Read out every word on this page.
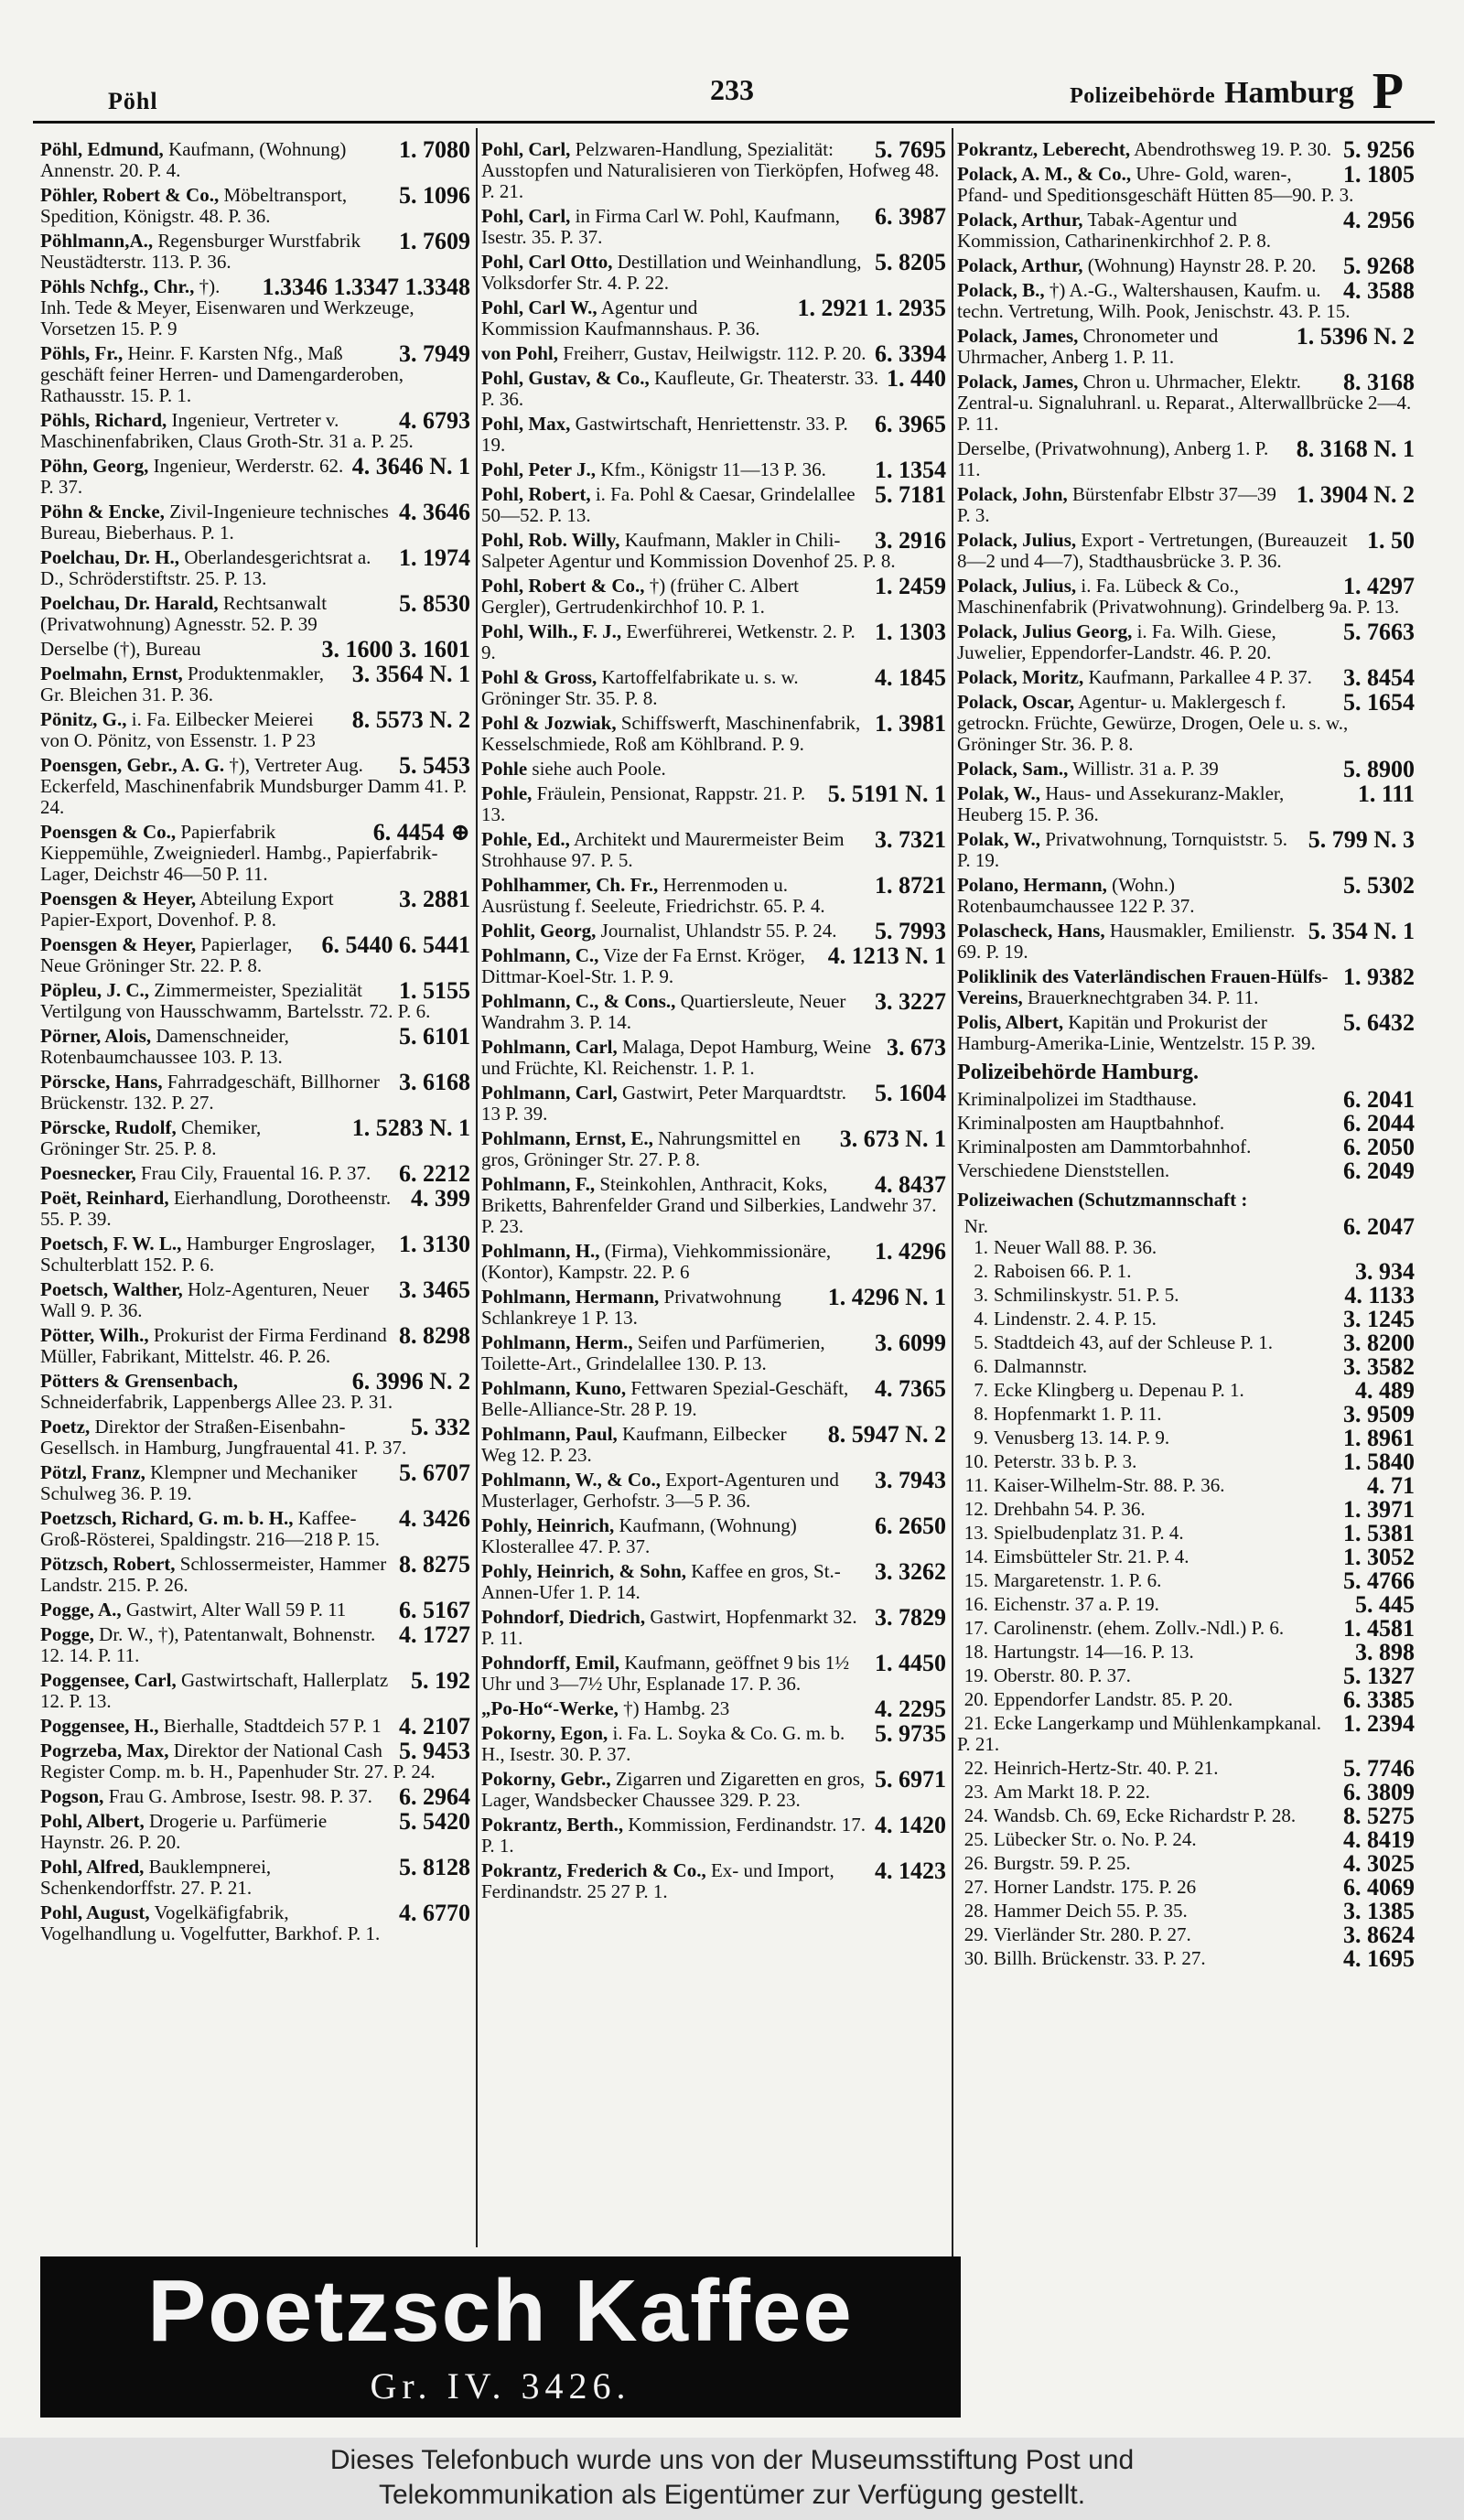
Pöhl	233	Polizeibehörde Hamburg P
1. 7080
Pöhl, Edmund, Kaufmann, (Wohnung) Annenstr. 20. P. 4.
5. 1096
Pöhler, Robert & Co., Möbeltransport, Spedition, Königstr. 48. P. 36.
1. 7609
Pöhlmann,A., Regensburger Wurstfabrik Neustädterstr. 113. P. 36.
1.3346 1.3347 1.3348
Pöhls Nchfg., Chr., †). Inh. Tede & Meyer, Eisenwaren und Werkzeuge, Vorsetzen 15. P. 9
3. 7949
Pöhls, Fr., Heinr. F. Karsten Nfg., Maß geschäft feiner Herren- und Damengarderoben, Rathausstr. 15. P. 1.
4. 6793
Pöhls, Richard, Ingenieur, Vertreter v. Maschinenfabriken, Claus Groth-Str. 31 a. P. 25.
4. 3646 N. 1
Pöhn, Georg, Ingenieur, Werderstr. 62. P. 37.
4. 3646
Pöhn & Encke, Zivil-Ingenieure technisches Bureau, Bieberhaus. P. 1.
1. 1974
Poelchau, Dr. H., Oberlandesgerichtsrat a. D., Schröderstiftstr. 25. P. 13.
5. 8530
Poelchau, Dr. Harald, Rechtsanwalt (Privatwohnung) Agnesstr. 52. P. 39
3. 1600 3. 1601
Derselbe (†), Bureau
3. 3564 N. 1
Poelmahn, Ernst, Produktenmakler, Gr. Bleichen 31. P. 36.
8. 5573 N. 2
Pönitz, G., i. Fa. Eilbecker Meierei von O. Pönitz, von Essenstr. 1. P 23
5. 5453
Poensgen, Gebr., A. G. †), Vertreter Aug. Eckerfeld, Maschinenfabrik Mundsburger Damm 41. P. 24.
6. 4454 ⊕
Poensgen & Co., Papierfabrik Kieppemühle, Zweigniederl. Hambg., Papierfabrik-Lager, Deichstr 46—50 P. 11.
3. 2881
Poensgen & Heyer, Abteilung Export Papier-Export, Dovenhof. P. 8.
6. 5440 6. 5441
Poensgen & Heyer, Papierlager, Neue Gröninger Str. 22. P. 8.
1. 5155
Pöpleu, J. C., Zimmermeister, Spezialität Vertilgung von Hausschwamm, Bartelsstr. 72. P. 6.
5. 6101
Pörner, Alois, Damenschneider, Rotenbaumchaussee 103. P. 13.
3. 6168
Pörscke, Hans, Fahrradgeschäft, Billhorner Brückenstr. 132. P. 27.
1. 5283 N. 1
Pörscke, Rudolf, Chemiker, Gröninger Str. 25. P. 8.
6. 2212
Poesnecker, Frau Cily, Frauental 16. P. 37.
4. 399
Poët, Reinhard, Eierhandlung, Dorotheenstr. 55. P. 39.
1. 3130
Poetsch, F. W. L., Hamburger Engroslager, Schulterblatt 152. P. 6.
3. 3465
Poetsch, Walther, Holz-Agenturen, Neuer Wall 9. P. 36.
8. 8298
Pötter, Wilh., Prokurist der Firma Ferdinand Müller, Fabrikant, Mittelstr. 46. P. 26.
6. 3996 N. 2
Pötters & Grensenbach, Schneiderfabrik, Lappenbergs Allee 23. P. 31.
5. 332
Poetz, Direktor der Straßen-Eisenbahn-Gesellsch. in Hamburg, Jungfrauental 41. P. 37.
5. 6707
Pötzl, Franz, Klempner und Mechaniker Schulweg 36. P. 19.
4. 3426
Poetzsch, Richard, G. m. b. H., Kaffee-Groß-Rösterei, Spaldingstr. 216—218 P. 15.
8. 8275
Pötzsch, Robert, Schlossermeister, Hammer Landstr. 215. P. 26.
6. 5167
Pogge, A., Gastwirt, Alter Wall 59 P. 11
4. 1727
Pogge, Dr. W., †), Patentanwalt, Bohnenstr. 12. 14. P. 11.
5. 192
Poggensee, Carl, Gastwirtschaft, Hallerplatz 12. P. 13.
4. 2107
Poggensee, H., Bierhalle, Stadtdeich 57 P. 1
5. 9453
Pogrzeba, Max, Direktor der National Cash Register Comp. m. b. H., Papenhuder Str. 27. P. 24.
6. 2964
Pogson, Frau G. Ambrose, Isestr. 98. P. 37.
5. 5420
Pohl, Albert, Drogerie u. Parfümerie Haynstr. 26. P. 20.
5. 8128
Pohl, Alfred, Bauklempnerei, Schenkendorffstr. 27. P. 21.
4. 6770
Pohl, August, Vogelkäfigfabrik, Vogelhandlung u. Vogelfutter, Barkhof. P. 1.
5. 7695
Pohl, Carl, Pelzwaren-Handlung, Spezialität: Ausstopfen und Naturalisieren von Tierköpfen, Hofweg 48. P. 21.
6. 3987
Pohl, Carl, in Firma Carl W. Pohl, Kaufmann, Isestr. 35. P. 37.
5. 8205
Pohl, Carl Otto, Destillation und Weinhandlung, Volksdorfer Str. 4. P. 22.
1. 2921 1. 2935
Pohl, Carl W., Agentur und Kommission Kaufmannshaus. P. 36.
6. 3394
von Pohl, Freiherr, Gustav, Heilwigstr. 112. P. 20.
1. 440
Pohl, Gustav, & Co., Kaufleute, Gr. Theaterstr. 33. P. 36.
6. 3965
Pohl, Max, Gastwirtschaft, Henriettenstr. 33. P. 19.
1. 1354
Pohl, Peter J., Kfm., Königstr 11—13 P. 36.
5. 7181
Pohl, Robert, i. Fa. Pohl & Caesar, Grindelallee 50—52. P. 13.
3. 2916
Pohl, Rob. Willy, Kaufmann, Makler in Chili-Salpeter Agentur und Kommission Dovenhof 25. P. 8.
1. 2459
Pohl, Robert & Co., †) (früher C. Albert Gergler), Gertrudenkirchhof 10. P. 1.
1. 1303
Pohl, Wilh., F. J., Ewerführerei, Wetkenstr. 2. P. 9.
4. 1845
Pohl & Gross, Kartoffelfabrikate u. s. w. Gröninger Str. 35. P. 8.
1. 3981
Pohl & Jozwiak, Schiffswerft, Maschinenfabrik, Kesselschmiede, Roß am Köhlbrand. P. 9.
Pohle siehe auch Poole.
5. 5191 N. 1
Pohle, Fräulein, Pensionat, Rappstr. 21. P. 13.
3. 7321
Pohle, Ed., Architekt und Maurermeister Beim Strohhause 97. P. 5.
1. 8721
Pohlhammer, Ch. Fr., Herrenmoden u. Ausrüstung f. Seeleute, Friedrichstr. 65. P. 4.
5. 7993
Pohlit, Georg, Journalist, Uhlandstr 55. P. 24.
4. 1213 N. 1
Pohlmann, C., Vize der Fa Ernst. Kröger, Dittmar-Koel-Str. 1. P. 9.
3. 3227
Pohlmann, C., & Cons., Quartiersleute, Neuer Wandrahm 3. P. 14.
3. 673
Pohlmann, Carl, Malaga, Depot Hamburg, Weine und Früchte, Kl. Reichenstr. 1. P. 1.
5. 1604
Pohlmann, Carl, Gastwirt, Peter Marquardtstr. 13 P. 39.
3. 673 N. 1
Pohlmann, Ernst, E., Nahrungsmittel en gros, Gröninger Str. 27. P. 8.
4. 8437
Pohlmann, F., Steinkohlen, Anthracit, Koks, Briketts, Bahrenfelder Grand und Silberkies, Landwehr 37. P. 23.
1. 4296
Pohlmann, H., (Firma), Viehkommissionäre, (Kontor), Kampstr. 22. P. 6
1. 4296 N. 1
Pohlmann, Hermann, Privatwohnung Schlankreye 1 P. 13.
3. 6099
Pohlmann, Herm., Seifen und Parfümerien, Toilette-Art., Grindelallee 130. P. 13.
4. 7365
Pohlmann, Kuno, Fettwaren Spezial-Geschäft, Belle-Alliance-Str. 28 P. 19.
8. 5947 N. 2
Pohlmann, Paul, Kaufmann, Eilbecker Weg 12. P. 23.
3. 7943
Pohlmann, W., & Co., Export-Agenturen und Musterlager, Gerhofstr. 3—5 P. 36.
6. 2650
Pohly, Heinrich, Kaufmann, (Wohnung) Klosterallee 47. P. 37.
3. 3262
Pohly, Heinrich, & Sohn, Kaffee en gros, St.-Annen-Ufer 1. P. 14.
3. 7829
Pohndorf, Diedrich, Gastwirt, Hopfenmarkt 32. P. 11.
1. 4450
Pohndorff, Emil, Kaufmann, geöffnet 9 bis 1½ Uhr und 3—7½ Uhr, Esplanade 17. P. 36.
4. 2295
„Po-Ho“-Werke, †) Hambg. 23
5. 9735
Pokorny, Egon, i. Fa. L. Soyka & Co. G. m. b. H., Isestr. 30. P. 37.
5. 6971
Pokorny, Gebr., Zigarren und Zigaretten en gros, Lager, Wandsbecker Chaussee 329. P. 23.
4. 1420
Pokrantz, Berth., Kommission, Ferdinandstr. 17. P. 1.
4. 1423
Pokrantz, Frederich & Co., Ex- und Import, Ferdinandstr. 25 27 P. 1.
5. 9256
Pokrantz, Leberecht, Abendrothsweg 19. P. 30.
1. 1805
Polack, A. M., & Co., Uhre- Gold, waren-, Pfand- und Speditionsgeschäft Hütten 85—90. P. 3.
4. 2956
Polack, Arthur, Tabak-Agentur und Kommission, Catharinenkirchhof 2. P. 8.
5. 9268
Polack, Arthur, (Wohnung) Haynstr 28. P. 20.
4. 3588
Polack, B., †) A.-G., Waltershausen, Kaufm. u. techn. Vertretung, Wilh. Pook, Jenischstr. 43. P. 15.
1. 5396 N. 2
Polack, James, Chronometer und Uhrmacher, Anberg 1. P. 11.
8. 3168
Polack, James, Chron u. Uhrmacher, Elektr. Zentral-u. Signaluhranl. u. Reparat., Alterwallbrücke 2—4. P. 11.
8. 3168 N. 1
Derselbe, (Privatwohnung), Anberg 1. P. 11.
1. 3904 N. 2
Polack, John, Bürstenfabr Elbstr 37—39 P. 3.
1. 50
Polack, Julius, Export - Vertretungen, (Bureauzeit 8—2 und 4—7), Stadthausbrücke 3. P. 36.
1. 4297
Polack, Julius, i. Fa. Lübeck & Co., Maschinenfabrik (Privatwohnung). Grindelberg 9a. P. 13.
5. 7663
Polack, Julius Georg, i. Fa. Wilh. Giese, Juwelier, Eppendorfer-Landstr. 46. P. 20.
3. 8454
Polack, Moritz, Kaufmann, Parkallee 4 P. 37.
5. 1654
Polack, Oscar, Agentur- u. Maklergesch f. getrockn. Früchte, Gewürze, Drogen, Oele u. s. w., Gröninger Str. 36. P. 8.
5. 8900
Polack, Sam., Willistr. 31 a. P. 39
1. 111
Polak, W., Haus- und Assekuranz-Makler, Heuberg 15. P. 36.
5. 799 N. 3
Polak, W., Privatwohnung, Tornquiststr. 5. P. 19.
5. 5302
Polano, Hermann, (Wohn.) Rotenbaumchaussee 122 P. 37.
5. 354 N. 1
Polascheck, Hans, Hausmakler, Emilienstr. 69. P. 19.
1. 9382
Poliklinik des Vaterländischen Frauen-Hülfs-Vereins, Brauerknechtgraben 34. P. 11.
5. 6432
Polis, Albert, Kapitän und Prokurist der Hamburg-Amerika-Linie, Wentzelstr. 15 P. 39.
Polizeibehörde Hamburg.
6. 2041
Kriminalpolizei im Stadthause.
6. 2044
Kriminalposten am Hauptbahnhof.
6. 2050
Kriminalposten am Dammtorbahnhof.
6. 2049
Verschiedene Dienststellen.
Polizeiwachen (Schutzmannschaft :
6. 2047
Nr. 1. Neuer Wall 88. P. 36.
3. 934
2. Raboisen 66. P. 1.
4. 1133
3. Schmilinskystr. 51. P. 5.
3. 1245
4. Lindenstr. 2. 4. P. 15.
3. 8200
5. Stadtdeich 43, auf der Schleuse P. 1.
3. 3582
6. Dalmannstr.
4. 489
7. Ecke Klingberg u. Depenau P. 1.
3. 9509
8. Hopfenmarkt 1. P. 11.
1. 8961
9. Venusberg 13. 14. P. 9.
1. 5840
10. Peterstr. 33 b. P. 3.
4. 71
11. Kaiser-Wilhelm-Str. 88. P. 36.
1. 3971
12. Drehbahn 54. P. 36.
1. 5381
13. Spielbudenplatz 31. P. 4.
1. 3052
14. Eimsbütteler Str. 21. P. 4.
5. 4766
15. Margaretenstr. 1. P. 6.
5. 445
16. Eichenstr. 37 a. P. 19.
1. 4581
17. Carolinenstr. (ehem. Zollv.-Ndl.) P. 6.
3. 898
18. Hartungstr. 14—16. P. 13.
5. 1327
19. Oberstr. 80. P. 37.
6. 3385
20. Eppendorfer Landstr. 85. P. 20.
1. 2394
21. Ecke Langerkamp und Mühlenkampkanal. P. 21.
5. 7746
22. Heinrich-Hertz-Str. 40. P. 21.
6. 3809
23. Am Markt 18. P. 22.
8. 5275
24. Wandsb. Ch. 69, Ecke Richardstr P. 28.
4. 8419
25. Lübecker Str. o. No. P. 24.
4. 3025
26. Burgstr. 59. P. 25.
6. 4069
27. Horner Landstr. 175. P. 26
3. 1385
28. Hammer Deich 55. P. 35.
3. 8624
29. Vierländer Str. 280. P. 27.
4. 1695
30. Billh. Brückenstr. 33. P. 27.
Poetzsch Kaffee
Gr. IV. 3426.
Dieses Telefonbuch wurde uns von der Museumsstiftung Post und
Telekommunikation als Eigentümer zur Verfügung gestellt.
